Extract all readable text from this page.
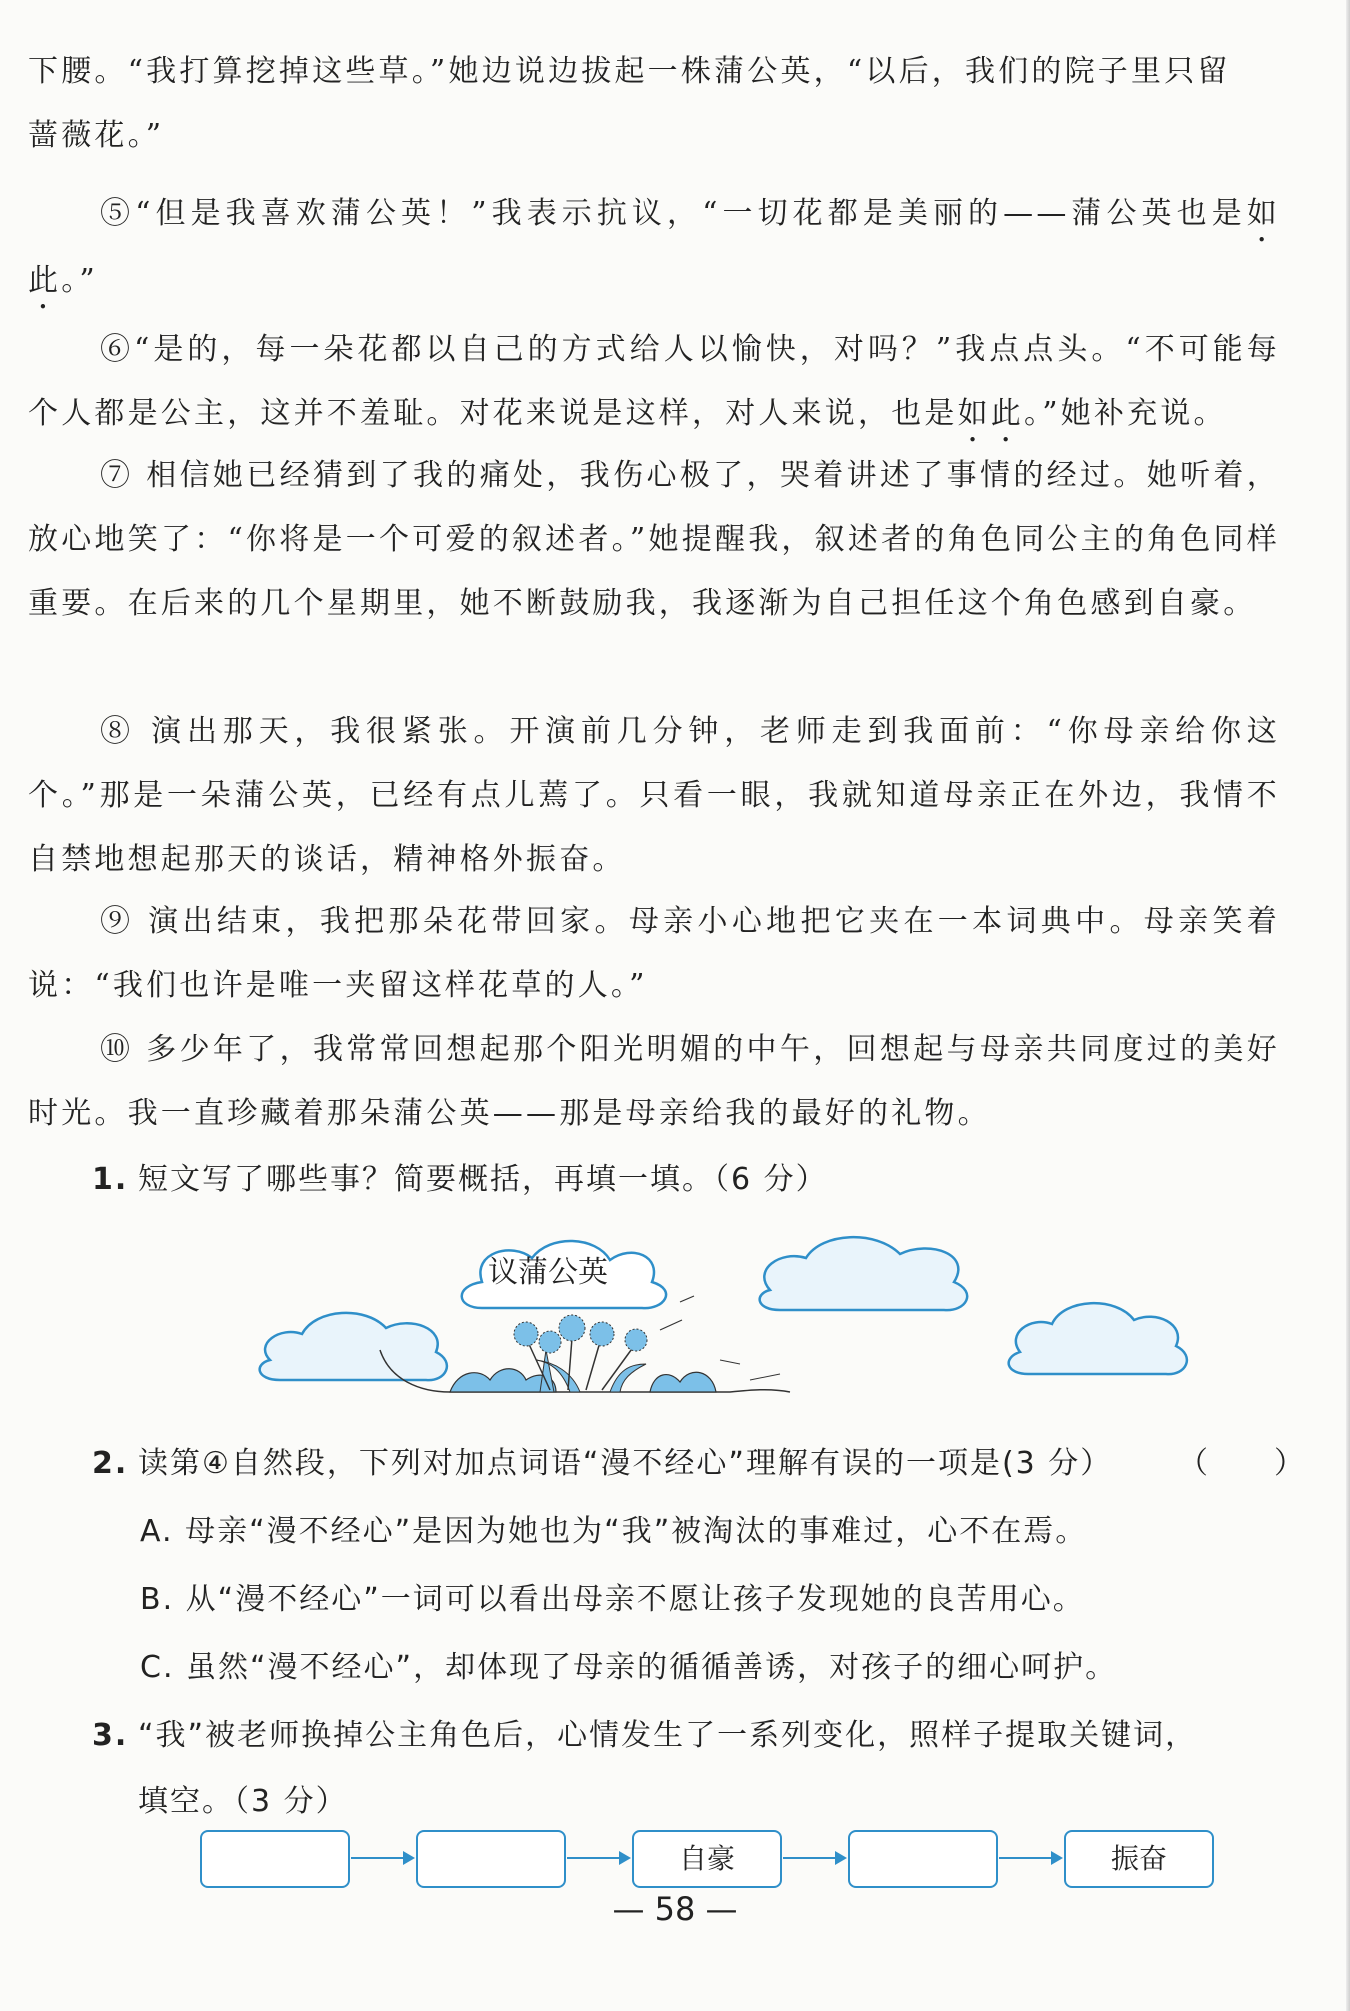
下腰。“我打算挖掉这些草。”她边说边拔起一株蒲公英，“以后，我们的院子里只留

蔷薇花。”

⑤“但是我喜欢蒲公英！”我表示抗议，“一切花都是美丽的——蒲公英也是如此。”

⑥“是的，每一朵花都以自己的方式给人以愉快，对吗？”我点点头。“不可能每个人都是公主，这并不羞耻。对花来说是这样，对人来说，也是如此。”她补充说。

⑦ 相信她已经猜到了我的痛处，我伤心极了，哭着讲述了事情的经过。她听着，放心地笑了：“你将是一个可爱的叙述者。”她提醒我，叙述者的角色同公主的角色同样重要。在后来的几个星期里，她不断鼓励我，我逐渐为自己担任这个角色感到自豪。

⑧ 演出那天，我很紧张。开演前几分钟，老师走到我面前：“你母亲给你这个。”那是一朵蒲公英，已经有点儿蔫了。只看一眼，我就知道母亲正在外边，我情不自禁地想起那天的谈话，精神格外振奋。

⑨ 演出结束，我把那朵花带回家。母亲小心地把它夹在一本词典中。母亲笑着说：“我们也许是唯一夹留这样花草的人。”

⑩ 多少年了，我常常回想起那个阳光明媚的中午，回想起与母亲共同度过的美好时光。我一直珍藏着那朵蒲公英——那是母亲给我的最好的礼物。

1. 短文写了哪些事？简要概括，再填一填。（6 分）
议蒲公英
2. 读第④自然段，下列对加点词语“漫不经心”理解有误的一项是(3 分） （　　）
A. 母亲“漫不经心”是因为她也为“我”被淘汰的事难过，心不在焉。
B. 从“漫不经心”一词可以看出母亲不愿让孩子发现她的良苦用心。
C. 虽然“漫不经心”，却体现了母亲的循循善诱，对孩子的细心呵护。
3. “我”被老师换掉公主角色后，心情发生了一系列变化，照样子提取关键词，
填空。（3 分）
自豪	振奋
— 58 —
